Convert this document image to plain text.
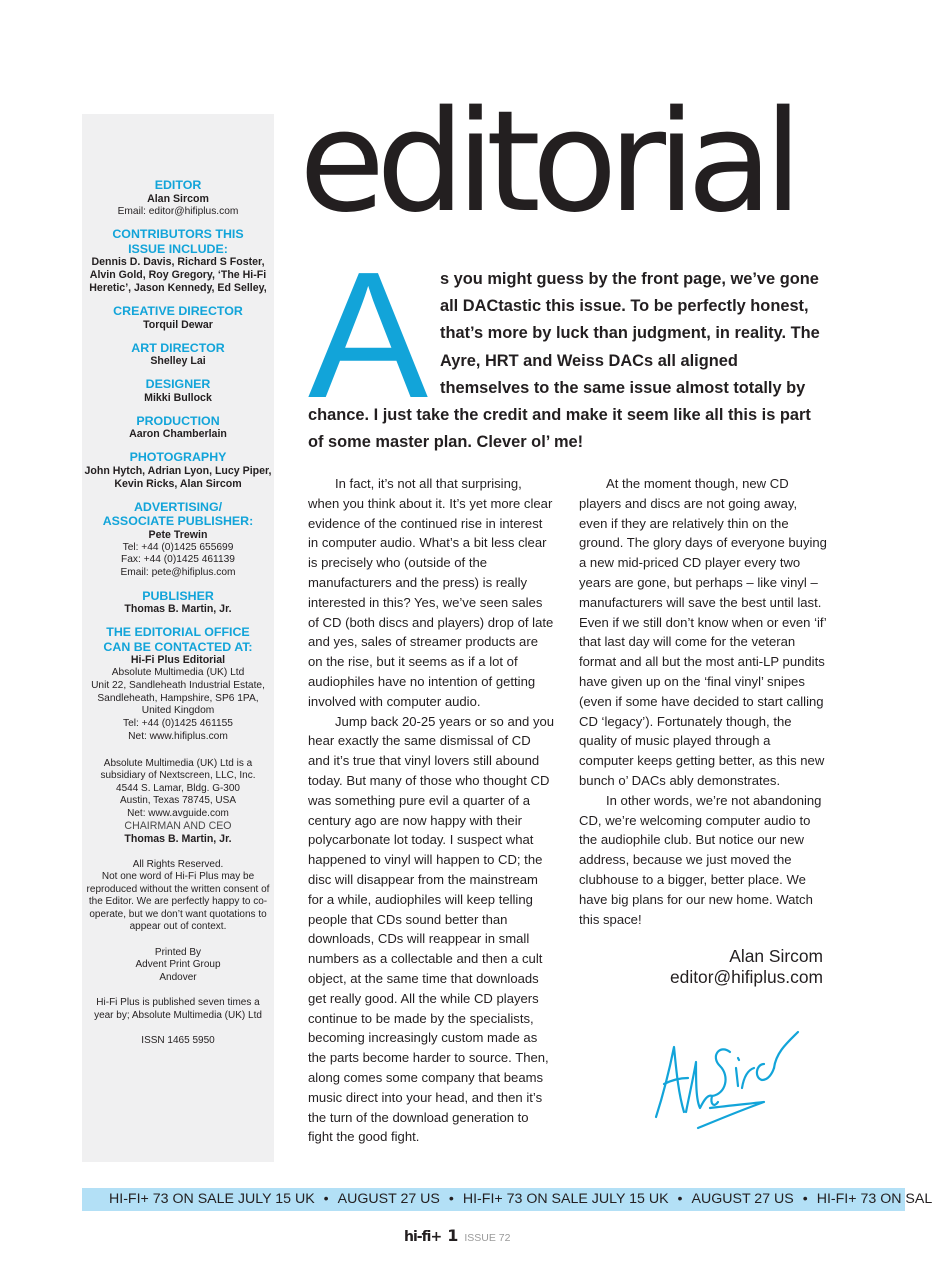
EDITOR
Alan Sircom
Email: editor@hifiplus.com
CONTRIBUTORS THIS ISSUE INCLUDE:
Dennis D. Davis, Richard S Foster, Alvin Gold, Roy Gregory, ‘The Hi-Fi Heretic’, Jason Kennedy, Ed Selley,
CREATIVE DIRECTOR
Torquil Dewar
ART DIRECTOR
Shelley Lai
DESIGNER
Mikki Bullock
PRODUCTION
Aaron Chamberlain
PHOTOGRAPHY
John Hytch, Adrian Lyon, Lucy Piper, Kevin Ricks, Alan Sircom
ADVERTISING/ ASSOCIATE PUBLISHER:
Pete Trewin
Tel: +44 (0)1425 655699
Fax: +44 (0)1425 461139
Email: pete@hifiplus.com
PUBLISHER
Thomas B. Martin, Jr.
THE EDITORIAL OFFICE CAN BE CONTACTED AT:
Hi-Fi Plus Editorial
Absolute Multimedia (UK) Ltd
Unit 22, Sandleheath Industrial Estate,
Sandleheath, Hampshire, SP6 1PA,
United Kingdom
Tel: +44 (0)1425 461155
Net: www.hifiplus.com
Absolute Multimedia (UK) Ltd is a
subsidiary of Nextscreen, LLC, Inc.
4544 S. Lamar, Bldg. G-300
Austin, Texas 78745, USA
Net: www.avguide.com
CHAIRMAN AND CEO
Thomas B. Martin, Jr.
All Rights Reserved.
Not one word of Hi-Fi Plus may be reproduced without the written consent of the Editor. We are perfectly happy to co-operate, but we don’t want quotations to appear out of context.
Printed By
Advent Print Group
Andover
Hi-Fi Plus is published seven times a year by; Absolute Multimedia (UK) Ltd
ISSN 1465 5950
editorial
A s you might guess by the front page, we’ve gone all DACtastic this issue. To be perfectly honest, that’s more by luck than judgment, in reality. The Ayre, HRT and Weiss DACs all aligned themselves to the same issue almost totally by

chance. I just take the credit and make it seem like all this is part of some master plan. Clever ol’ me!

In fact, it’s not all that surprising, when you think about it. It’s yet more clear evidence of the continued rise in interest in computer audio. What’s a bit less clear is precisely who (outside of the manufacturers and the press) is really interested in this? Yes, we’ve seen sales of CD (both discs and players) drop of late and yes, sales of streamer products are on the rise, but it seems as if a lot of audiophiles have no intention of getting involved with computer audio.

Jump back 20-25 years or so and you hear exactly the same dismissal of CD and it’s true that vinyl lovers still abound today. But many of those who thought CD was something pure evil a quarter of a century ago are now happy with their polycarbonate lot today. I suspect what happened to vinyl will happen to CD; the disc will disappear from the mainstream for a while, audiophiles will keep telling people that CDs sound better than downloads, CDs will reappear in small numbers as a collectable and then a cult object, at the same time that downloads get really good. All the while CD players continue to be made by the specialists, becoming increasingly custom made as the parts become harder to source. Then, along comes some company that beams music direct into your head, and then it’s the turn of the download generation to fight the good fight.

At the moment though, new CD players and discs are not going away, even if they are relatively thin on the ground. The glory days of everyone buying a new mid-priced CD player every two years are gone, but perhaps – like vinyl – manufacturers will save the best until last. Even if we still don’t know when or even ‘if’ that last day will come for the veteran format and all but the most anti-LP pundits have given up on the ‘final vinyl’ snipes (even if some have decided to start calling CD ‘legacy’). Fortunately though, the quality of music played through a computer keeps getting better, as this new bunch o’ DACs ably demonstrates.

In other words, we’re not abandoning CD, we’re welcoming computer audio to the audiophile club. But notice our new address, because we just moved the clubhouse to a bigger, better place. We have big plans for our new home. Watch this space!

Alan Sircom
editor@hifiplus.com
HI-FI+ 73 ON SALE JULY 15 UK • AUGUST 27 US • HI-FI+ 73 ON SALE JULY 15 UK • AUGUST 27 US • HI-FI+ 73 ON SAL
hi-fi+ 1 ISSUE 72
